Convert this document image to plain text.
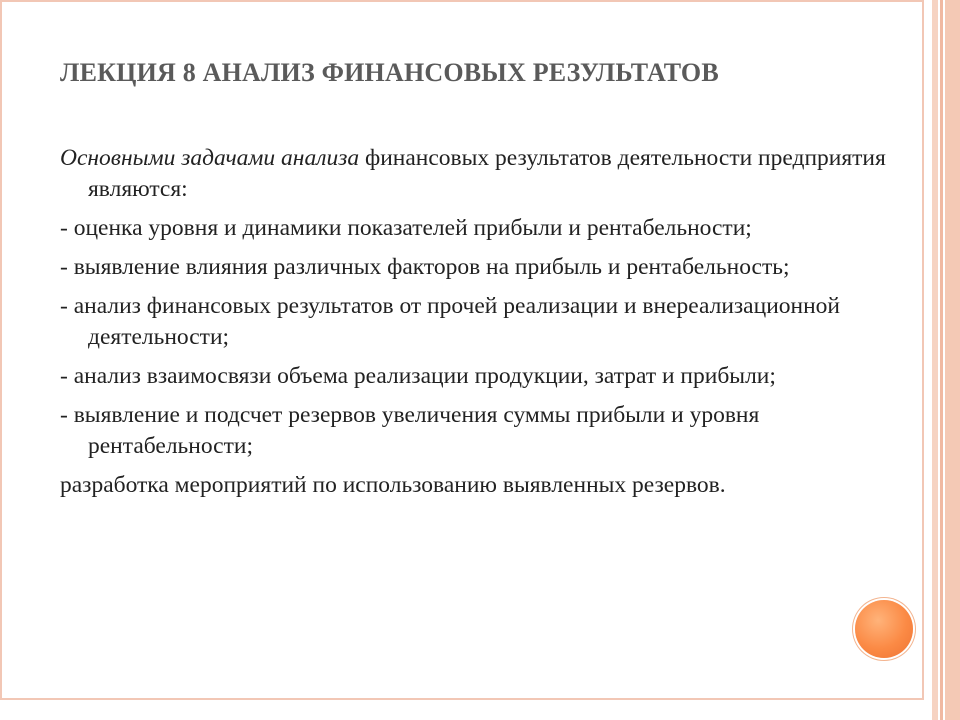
ЛЕКЦИЯ 8 АНАЛИЗ ФИНАНСОВЫХ РЕЗУЛЬТАТОВ
Основными задачами анализа финансовых результатов деятельности предприятия являются:
- оценка уровня и динамики показателей прибыли и рентабельности;
- выявление влияния различных факторов на прибыль и рентабельность;
- анализ финансовых результатов от прочей реализации и внереализационной деятельности;
- анализ взаимосвязи объема реализации продукции, затрат и прибыли;
- выявление и подсчет резервов увеличения суммы прибыли и уровня рентабельности;
разработка мероприятий по использованию выявленных резервов.
